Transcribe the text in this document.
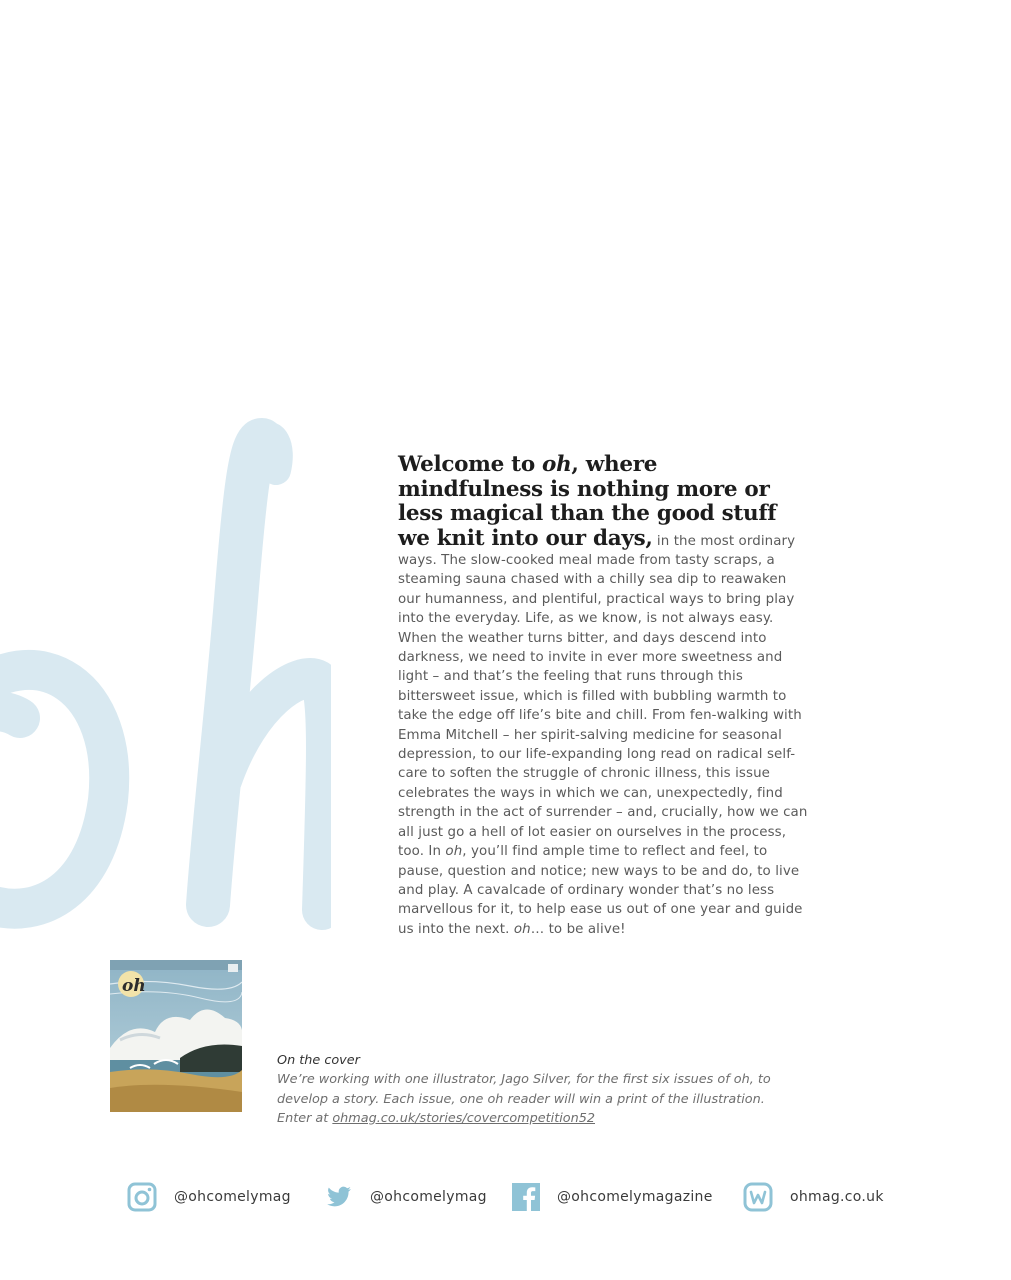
Welcome to oh, where mindfulness is nothing more or less magical than the good stuff we knit into our days, in the most ordinary ways. The slow-cooked meal made from tasty scraps, a steaming sauna chased with a chilly sea dip to reawaken our humanness, and plentiful, practical ways to bring play into the everyday. Life, as we know, is not always easy. When the weather turns bitter, and days descend into darkness, we need to invite in ever more sweetness and light – and that’s the feeling that runs through this bittersweet issue, which is filled with bubbling warmth to take the edge off life’s bite and chill. From fen-walking with Emma Mitchell – her spirit-salving medicine for seasonal depression, to our life-expanding long read on radical self-care to soften the struggle of chronic illness, this issue celebrates the ways in which we can, unexpectedly, find strength in the act of surrender – and, crucially, how we can all just go a hell of lot easier on ourselves in the process, too. In oh, you’ll find ample time to reflect and feel, to pause, question and notice; new ways to be and do, to live and play. A cavalcade of ordinary wonder that’s no less marvellous for it, to help ease us out of one year and guide us into the next. oh… to be alive!

oh
On the cover
We’re working with one illustrator, Jago Silver, for the first six issues of oh, to develop a story. Each issue, one oh reader will win a print of the illustration. Enter at ohmag.co.uk/stories/covercompetition52
@ohcomelymag	@ohcomelymag	@ohcomelymagazine	ohmag.co.uk
